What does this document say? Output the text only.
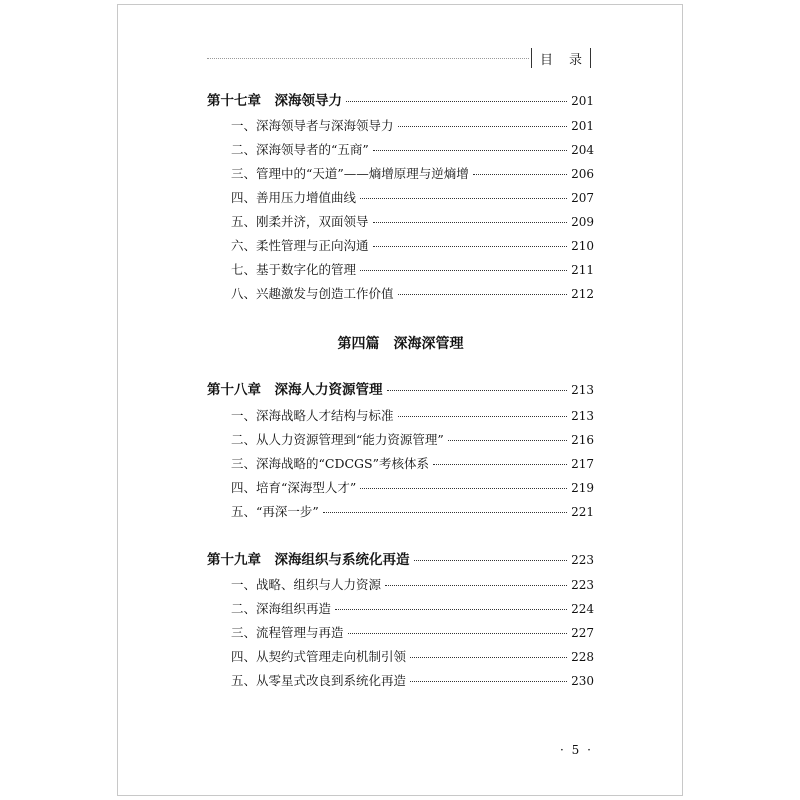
目 录
第十七章　深海领导力	201
一、深海领导者与深海领导力	201
二、深海领导者的“五商”	204
三、管理中的“天道”——熵增原理与逆熵增	206
四、善用压力增值曲线	207
五、刚柔并济，双面领导	209
六、柔性管理与正向沟通	210
七、基于数字化的管理	211
八、兴趣激发与创造工作价值	212
第四篇　深海深管理
第十八章　深海人力资源管理	213
一、深海战略人才结构与标准	213
二、从人力资源管理到“能力资源管理”	216
三、深海战略的“CDCGS”考核体系	217
四、培育“深海型人才”	219
五、“再深一步”	221
第十九章　深海组织与系统化再造	223
一、战略、组织与人力资源	223
二、深海组织再造	224
三、流程管理与再造	227
四、从契约式管理走向机制引领	228
五、从零星式改良到系统化再造	230
· 5 ·
